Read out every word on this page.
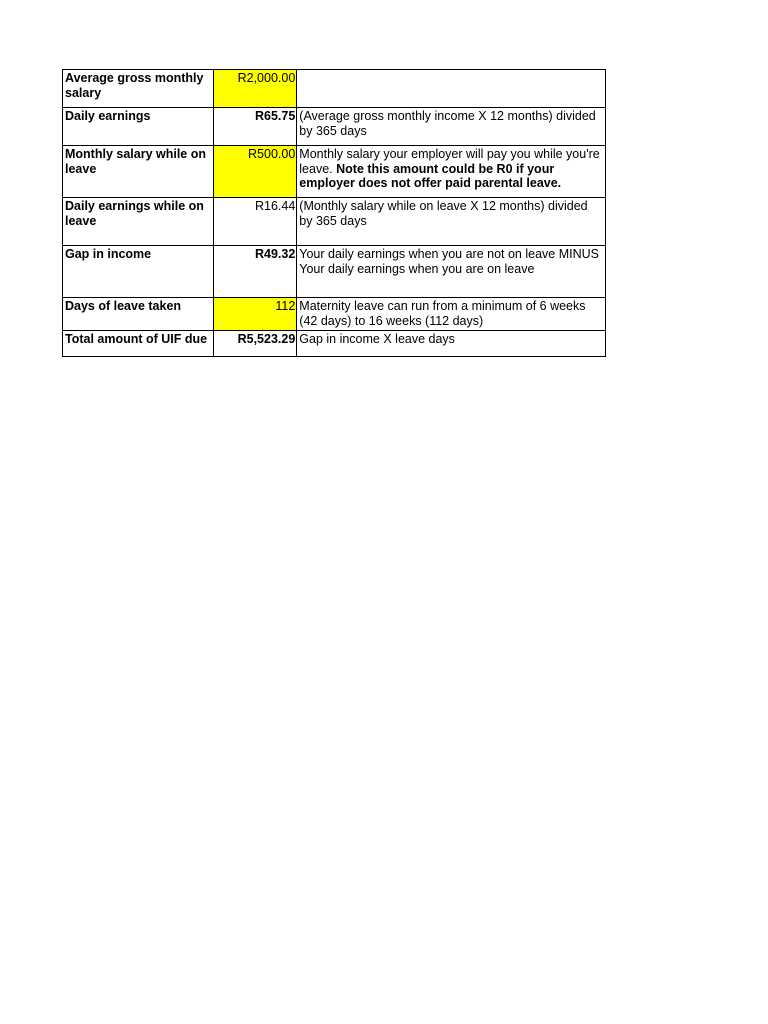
Average gross monthly salary	R2,000.00	
Daily earnings	R65.75	(Average gross monthly income X 12 months) divided by 365 days
Monthly salary while on leave	R500.00	Monthly salary your employer will pay you while you're leave. Note this amount could be R0 if your employer does not offer paid parental leave.
Daily earnings while on leave	R16.44	(Monthly salary while on leave X 12 months) divided by 365 days
Gap in income	R49.32	Your daily earnings when you are not on leave MINUS Your daily earnings when you are on leave
Days of leave taken	112	Maternity leave can run from a minimum of 6 weeks (42 days) to 16 weeks (112 days)
Total amount of UIF due	R5,523.29	Gap in income X leave days
